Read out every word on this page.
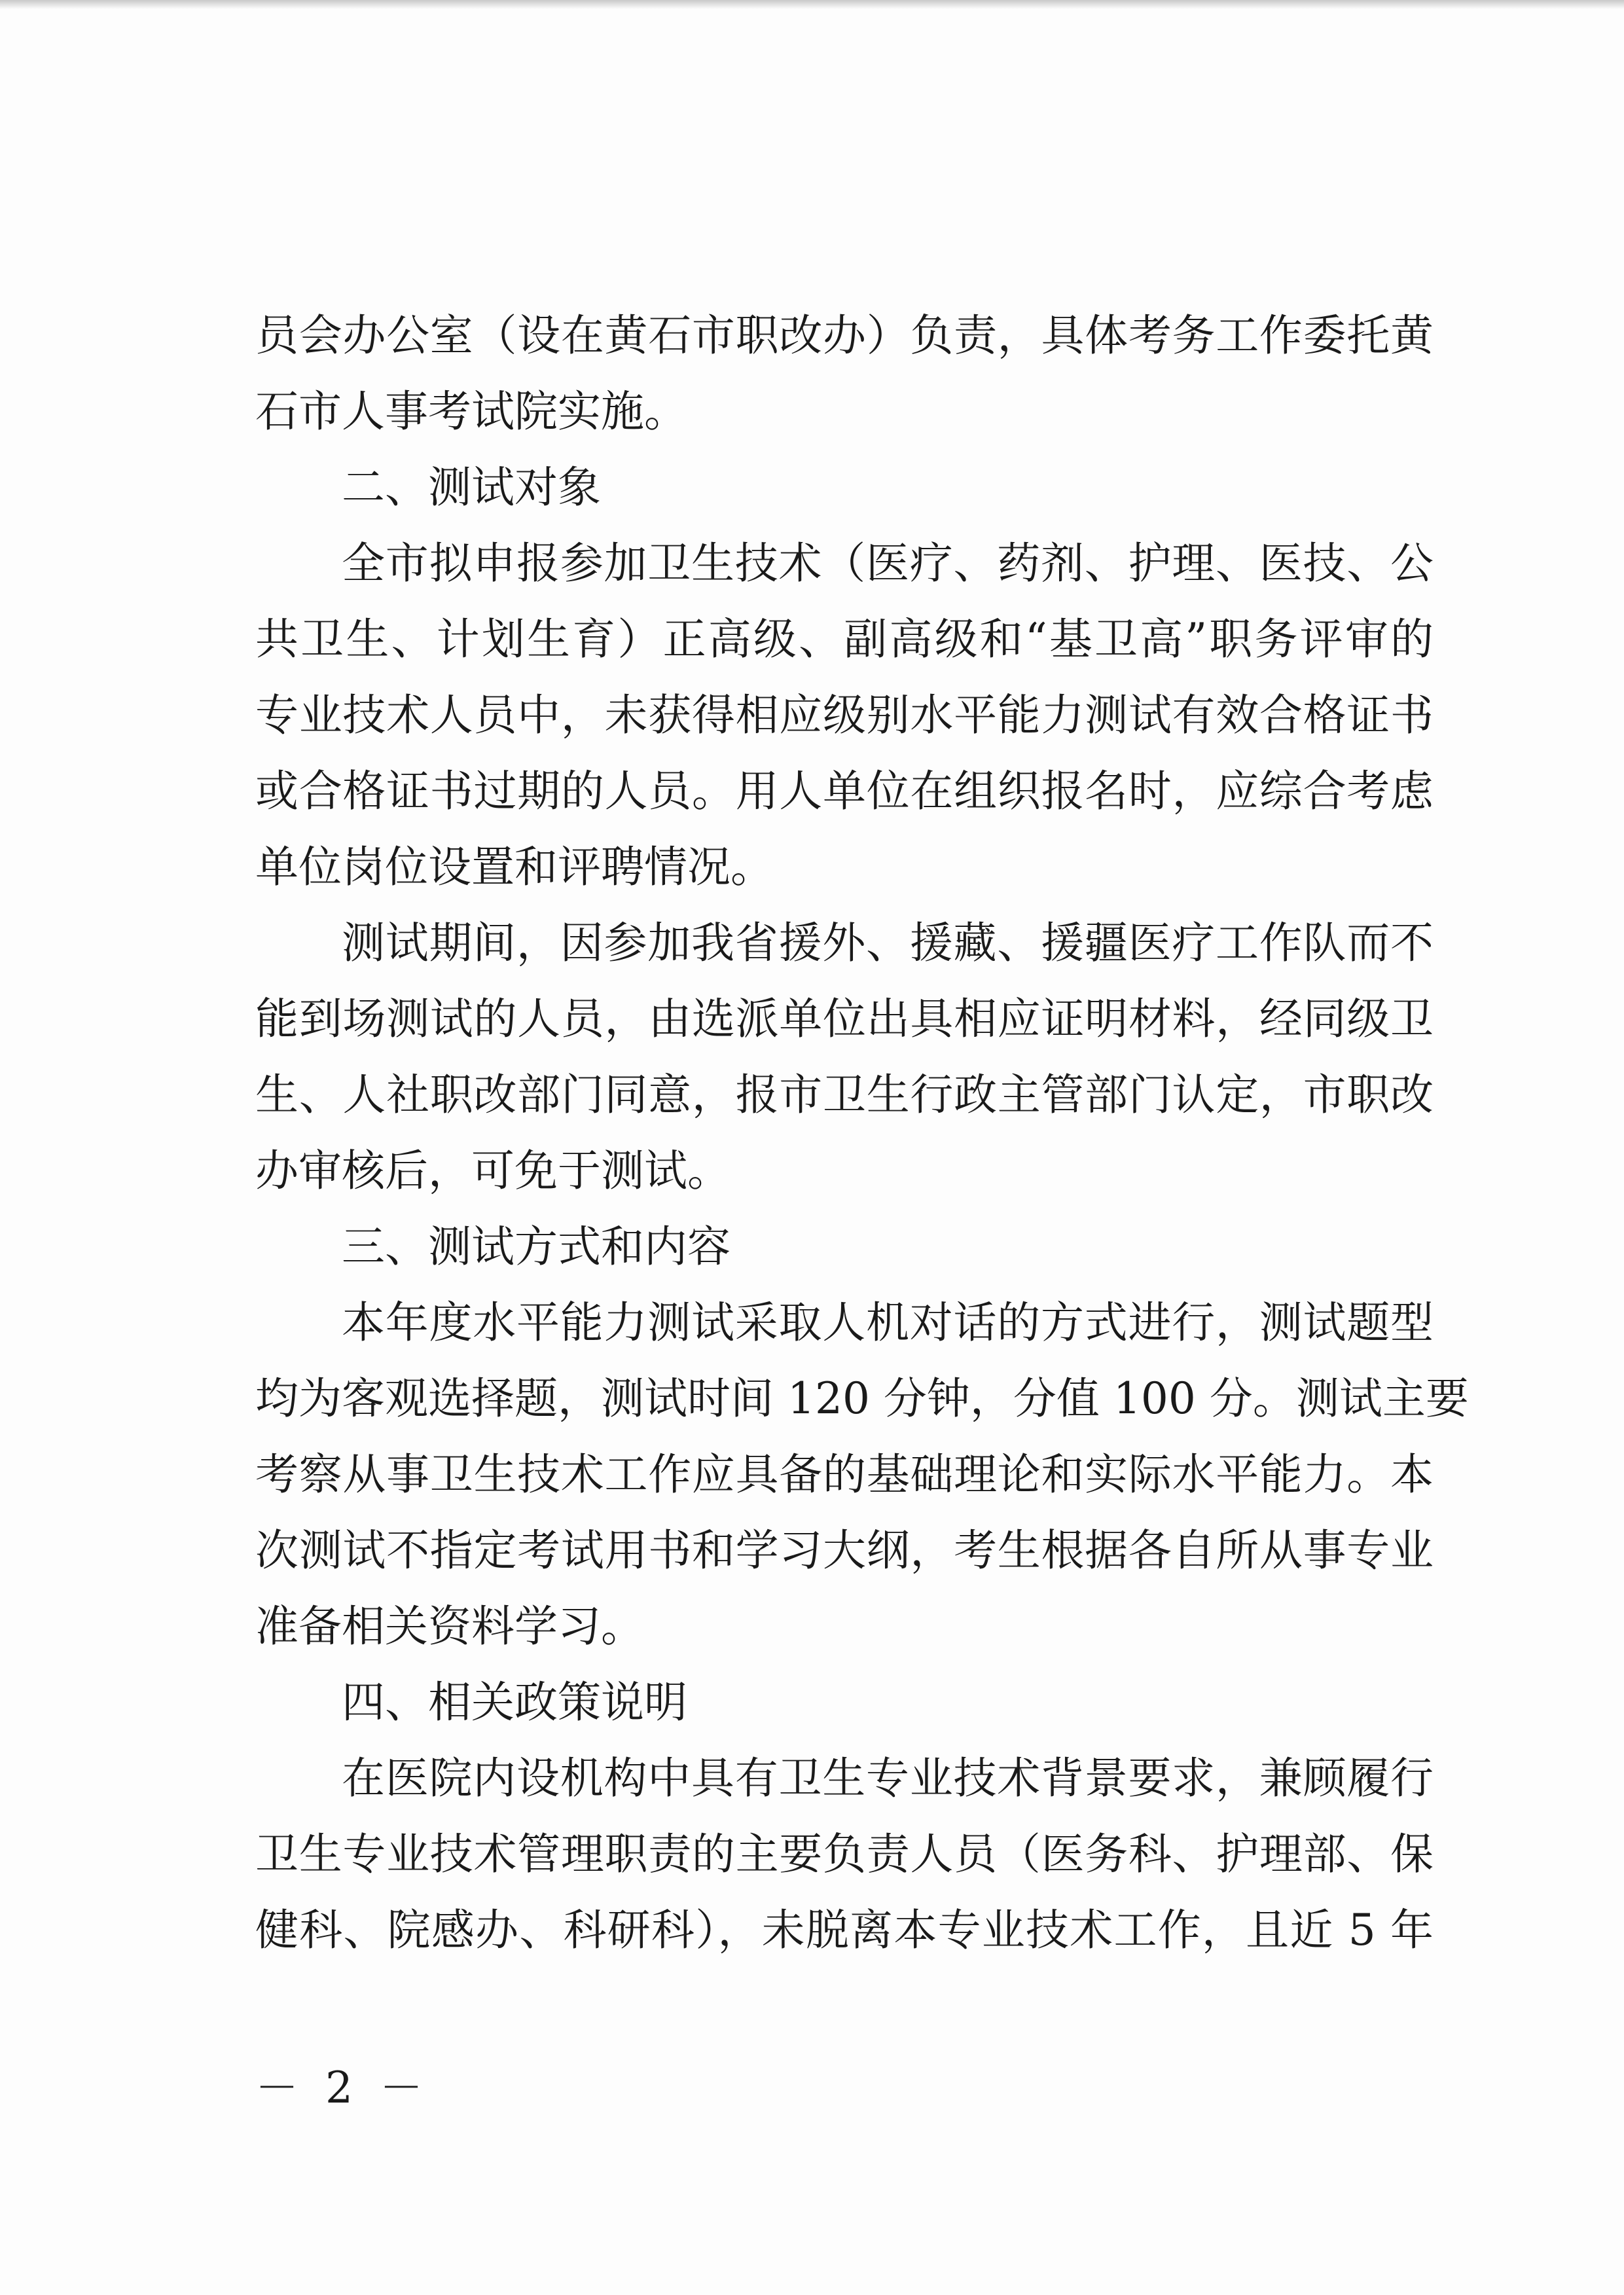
员会办公室（设在黄石市职改办）负责，具体考务工作委托黄
石市人事考试院实施。
二、测试对象
全市拟申报参加卫生技术（医疗、药剂、护理、医技、公
共卫生、计划生育）正高级、副高级和“基卫高”职务评审的
专业技术人员中，未获得相应级别水平能力测试有效合格证书
或合格证书过期的人员。用人单位在组织报名时，应综合考虑
单位岗位设置和评聘情况。
测试期间，因参加我省援外、援藏、援疆医疗工作队而不
能到场测试的人员，由选派单位出具相应证明材料，经同级卫
生、人社职改部门同意，报市卫生行政主管部门认定，市职改
办审核后，可免于测试。
三、测试方式和内容
本年度水平能力测试采取人机对话的方式进行，测试题型
均为客观选择题，测试时间 120 分钟，分值 100 分。测试主要
考察从事卫生技术工作应具备的基础理论和实际水平能力。本
次测试不指定考试用书和学习大纲，考生根据各自所从事专业
准备相关资料学习。
四、相关政策说明
在医院内设机构中具有卫生专业技术背景要求，兼顾履行
卫生专业技术管理职责的主要负责人员（医务科、护理部、保
健科、院感办、科研科），未脱离本专业技术工作，且近 5 年
－ 2 －
